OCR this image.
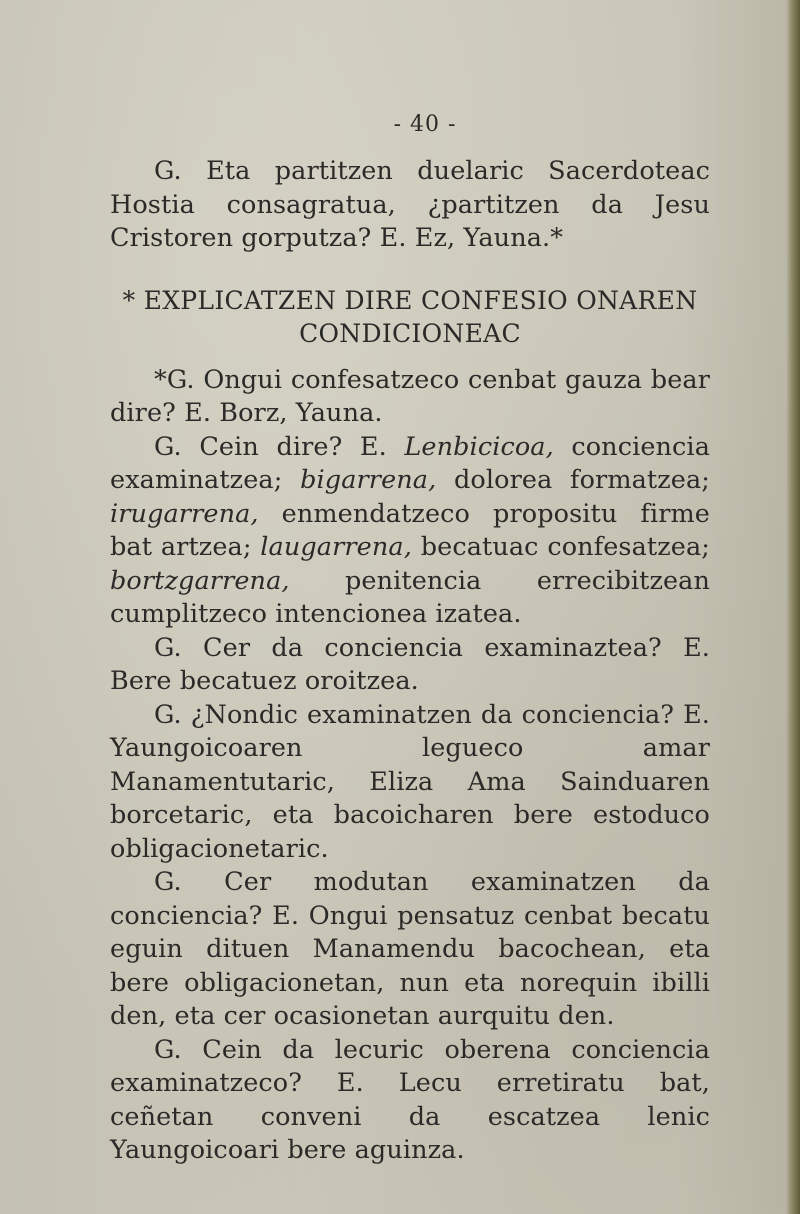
- 40 -

G. Eta partitzen duelaric Sacerdoteac Hostia consagratua, ¿partitzen da Jesu Cristoren gorputza? E. Ez, Yauna.*

* EXPLICATZEN DIRE CONFESIO ONAREN
CONDICIONEAC

*G. Ongui confesatzeco cenbat gauza bear dire? E. Borz, Yauna.

G. Cein dire? E. Lenbicicoa, conciencia examinatzea; bigarrena, dolorea formatzea; irugarrena, enmendatzeco propositu firme bat artzea; laugarrena, becatuac confesatzea; bortzgarrena, penitencia errecibitzean cumplitzeco intencionea izatea.

G. Cer da conciencia examinaztea? E. Bere becatuez oroitzea.

G. ¿Nondic examinatzen da conciencia? E. Yaungoicoaren legueco amar Manamentutaric, Eliza Ama Sainduaren borcetaric, eta bacoicharen bere estoduco obligacionetaric.

G. Cer modutan examinatzen da conciencia? E. Ongui pensatuz cenbat becatu eguin dituen Manamendu bacochean, eta bere obligacionetan, nun eta norequin ibilli den, eta cer ocasionetan aurquitu den.

G. Cein da lecuric oberena conciencia examinatzeco? E. Lecu erretiratu bat, ceñetan conveni da escatzea lenic Yaungoicoari bere aguinza.
